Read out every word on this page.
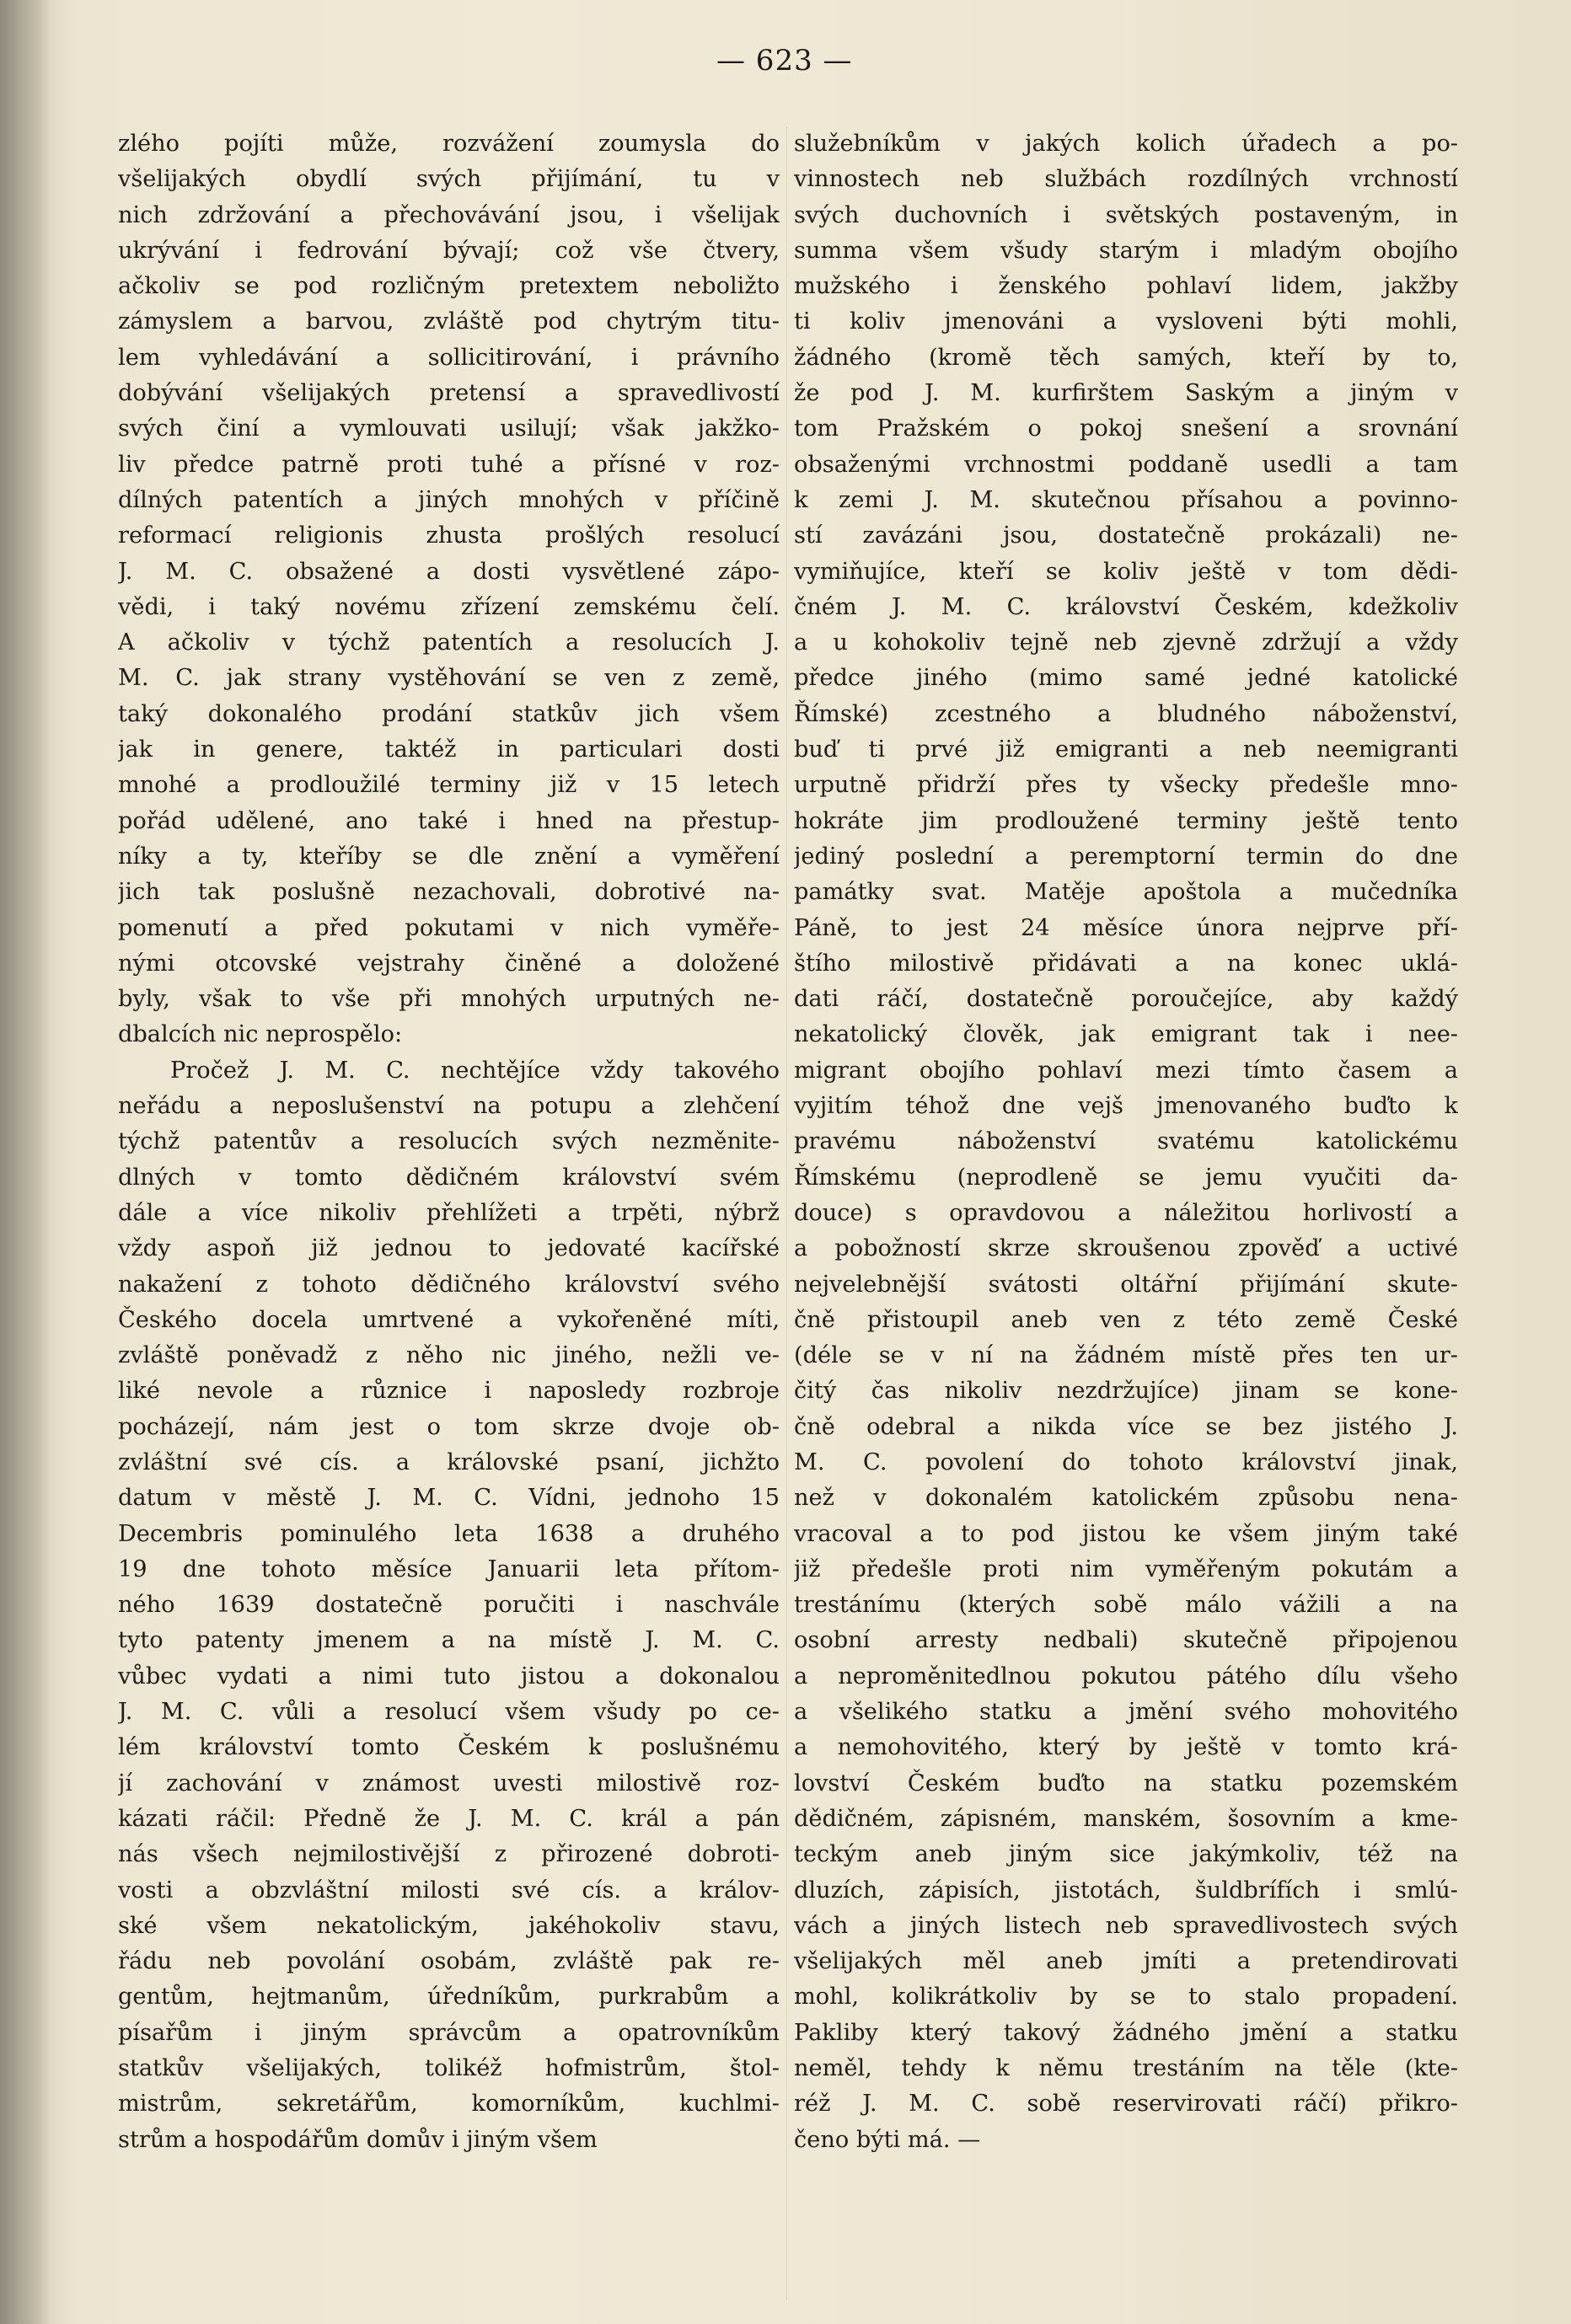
— 623 —
zlého pojíti může, rozvážení zoumysla do
všelijakých obydlí svých přijímání, tu v
nich zdržování a přechovávání jsou, i všelijak
ukrývání i fedrování bývají; což vše čtvery,
ačkoliv se pod rozličným pretextem neboližto
zámyslem a barvou, zvláště pod chytrým titu-
lem vyhledávání a sollicitirování, i právního
dobývání všelijakých pretensí a spravedlivostí
svých činí a vymlouvati usilují; však jakžko-
liv předce patrně proti tuhé a přísné v roz-
dílných patentích a jiných mnohých v příčině
reformací religionis zhusta prošlých resolucí
J. M. C. obsažené a dosti vysvětlené zápo-
vědi, i taký novému zřízení zemskému čelí.
A ačkoliv v týchž patentích a resolucích J.
M. C. jak strany vystěhování se ven z země,
taký dokonalého prodání statkův jich všem
jak in genere, taktéž in particulari dosti
mnohé a prodloužilé terminy již v 15 letech
pořád udělené, ano také i hned na přestup-
níky a ty, kteříby se dle znění a vyměření
jich tak poslušně nezachovali, dobrotivé na-
pomenutí a před pokutami v nich vyměře-
nými otcovské vejstrahy činěné a doložené
byly, však to vše při mnohých urputných ne-
dbalcích nic neprospělo:
Pročež J. M. C. nechtějíce vždy takového
neřádu a neposlušenství na potupu a zlehčení
týchž patentův a resolucích svých nezměnite-
dlných v tomto dědičném království svém
dále a více nikoliv přehlížeti a trpěti, nýbrž
vždy aspoň již jednou to jedovaté kacířské
nakažení z tohoto dědičného království svého
Českého docela umrtvené a vykořeněné míti,
zvláště poněvadž z něho nic jiného, nežli ve-
liké nevole a různice i naposledy rozbroje
pocházejí, nám jest o tom skrze dvoje ob-
zvláštní své cís. a královské psaní, jichžto
datum v městě J. M. C. Vídni, jednoho 15
Decembris pominulého leta 1638 a druhého
19 dne tohoto měsíce Januarii leta přítom-
ného 1639 dostatečně poručiti i naschvále
tyto patenty jmenem a na místě J. M. C.
vůbec vydati a nimi tuto jistou a dokonalou
J. M. C. vůli a resolucí všem všudy po ce-
lém království tomto Českém k poslušnému
jí zachování v známost uvesti milostivě roz-
kázati ráčil: Předně že J. M. C. král a pán
nás všech nejmilostivější z přirozené dobroti-
vosti a obzvláštní milosti své cís. a králov-
ské všem nekatolickým, jakéhokoliv stavu,
řádu neb povolání osobám, zvláště pak re-
gentům, hejtmanům, úředníkům, purkrabům a
písařům i jiným správcům a opatrovníkům
statkův všelijakých, tolikéž hofmistrům, štol-
mistrům, sekretářům, komorníkům, kuchlmi-
strům a hospodářům domův i jiným všem
služebníkům v jakých kolich úřadech a po-
vinnostech neb službách rozdílných vrchností
svých duchovních i světských postaveným, in
summa všem všudy starým i mladým obojího
mužského i ženského pohlaví lidem, jakžby
ti koliv jmenováni a vysloveni býti mohli,
žádného (kromě těch samých, kteří by to,
že pod J. M. kurfirštem Saským a jiným v
tom Pražském o pokoj snešení a srovnání
obsaženými vrchnostmi poddaně usedli a tam
k zemi J. M. skutečnou přísahou a povinno-
stí zavázáni jsou, dostatečně prokázali) ne-
vymiňujíce, kteří se koliv ještě v tom dědi-
čném J. M. C. království Českém, kdežkoliv
a u kohokoliv tejně neb zjevně zdržují a vždy
předce jiného (mimo samé jedné katolické
Římské) zcestného a bludného náboženství,
buď ti prvé již emigranti a neb neemigranti
urputně přidrží přes ty všecky předešle mno-
hokráte jim prodloužené terminy ještě tento
jediný poslední a peremptorní termin do dne
památky svat. Matěje apoštola a mučedníka
Páně, to jest 24 měsíce února nejprve pří-
štího milostivě přidávati a na konec uklá-
dati ráčí, dostatečně poroučejíce, aby každý
nekatolický člověk, jak emigrant tak i nee-
migrant obojího pohlaví mezi tímto časem a
vyjitím téhož dne vejš jmenovaného buďto k
pravému náboženství svatému katolickému
Římskému (neprodleně se jemu vyučiti da-
douce) s opravdovou a náležitou horlivostí a
a pobožností skrze skroušenou zpověď a uctivé
nejvelebnější svátosti oltářní přijímání skute-
čně přistoupil aneb ven z této země České
(déle se v ní na žádném místě přes ten ur-
čitý čas nikoliv nezdržujíce) jinam se kone-
čně odebral a nikda více se bez jistého J.
M. C. povolení do tohoto království jinak,
než v dokonalém katolickém způsobu nena-
vracoval a to pod jistou ke všem jiným také
již předešle proti nim vyměřeným pokutám a
trestánímu (kterých sobě málo vážili a na
osobní arresty nedbali) skutečně připojenou
a neproměnitedlnou pokutou pátého dílu všeho
a všelikého statku a jmění svého mohovitého
a nemohovitého, který by ještě v tomto krá-
lovství Českém buďto na statku pozemském
dědičném, zápisném, manském, šosovním a kme-
teckým aneb jiným sice jakýmkoliv, též na
dluzích, zápisích, jistotách, šuldbrífích i smlú-
vách a jiných listech neb spravedlivostech svých
všelijakých měl aneb jmíti a pretendirovati
mohl, kolikrátkoliv by se to stalo propadení.
Pakliby který takový žádného jmění a statku
neměl, tehdy k němu trestáním na těle (kte-
réž J. M. C. sobě reservirovati ráčí) přikro-
čeno býti má. —
